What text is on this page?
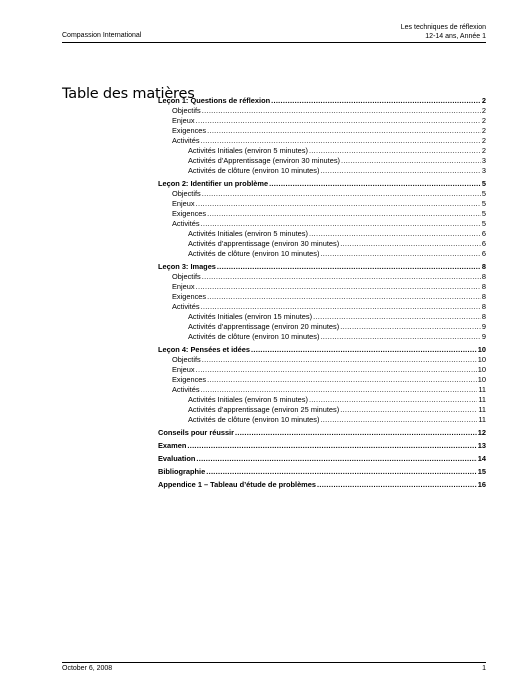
Compassion International
Les techniques de réflexion
12-14 ans, Année 1
Table des matières
Leçon 1: Questions de réflexion .....	2
Objectifs .....	2
Enjeux .....	2
Exigences .....	2
Activités .....	2
Activités Initiales (environ 5 minutes) .....	2
Activités d’Apprentissage (environ 30 minutes) .....	3
Activités de clôture (environ 10 minutes) .....	3
Leçon 2: Identifier un problème .....	5
Objectifs .....	5
Enjeux .....	5
Exigences .....	5
Activités .....	5
Activités Initiales (environ 5 minutes) .....	6
Activités d’apprentissage (environ 30 minutes) .....	6
Activités de clôture (environ 10 minutes) .....	6
Leçon 3: Images .....	8
Objectifs .....	8
Enjeux .....	8
Exigences .....	8
Activités .....	8
Activités Initiales (environ 15 minutes) .....	8
Activités d’apprentissage (environ 20 minutes) .....	9
Activités de clôture (environ 10 minutes) .....	9
Leçon 4: Pensées et idées .....	10
Objectifs .....	10
Enjeux .....	10
Exigences .....	10
Activités .....	11
Activités Initiales (environ 5 minutes) .....	11
Activités d’apprentissage (environ 25 minutes) .....	11
Activités de clôture (environ 10 minutes) .....	11
Conseils pour réussir .....	12
Examen .....	13
Evaluation .....	14
Bibliographie .....	15
Appendice 1 – Tableau d’étude de problèmes .....	16
October 6, 2008	1
